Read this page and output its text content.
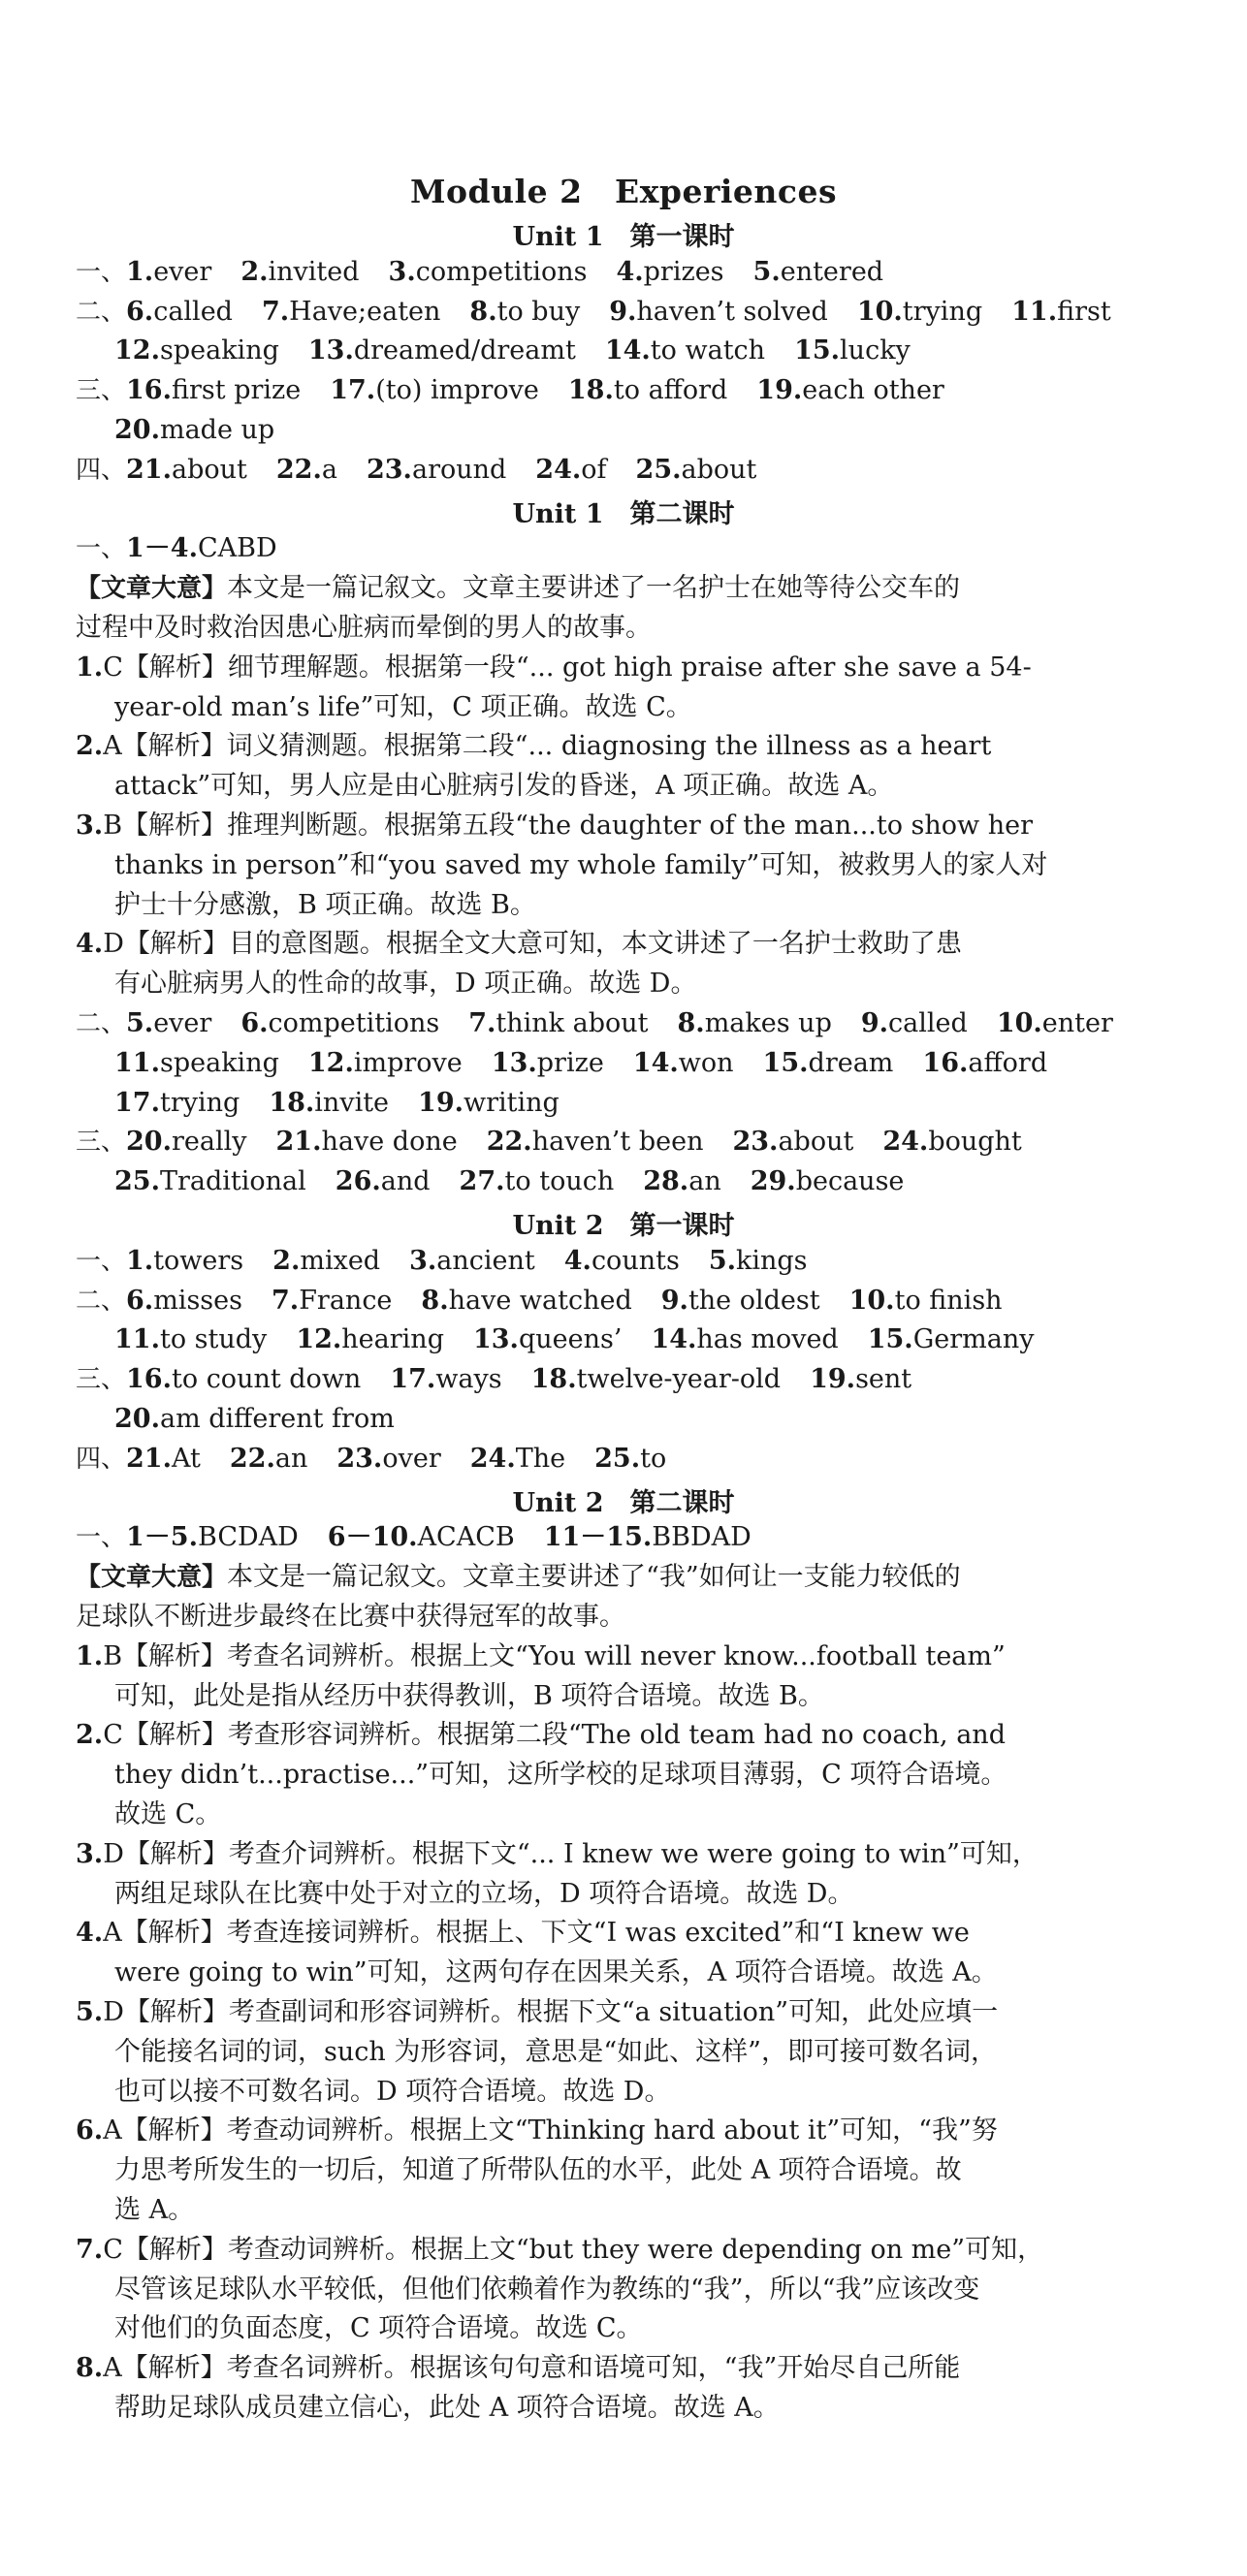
Module 2　Experiences
Unit 1　第一课时
一、1.ever 2.invited 3.competitions 4.prizes 5.entered
二、6.called 7.Have;eaten 8.to buy 9.haven’t solved 10.trying 11.first
12.speaking 13.dreamed/dreamt 14.to watch 15.lucky
三、16.first prize 17.(to) improve 18.to afford 19.each other
20.made up
四、21.about 22.a 23.around 24.of 25.about
Unit 1　第二课时
一、1－4.CABD
【文章大意】本文是一篇记叙文。文章主要讲述了一名护士在她等待公交车的
过程中及时救治因患心脏病而晕倒的男人的故事。
1.C【解析】细节理解题。根据第一段“... got high praise after she save a 54-
year-old man’s life”可知，C 项正确。故选 C。
2.A【解析】词义猜测题。根据第二段“... diagnosing the illness as a heart
attack”可知，男人应是由心脏病引发的昏迷，A 项正确。故选 A。
3.B【解析】推理判断题。根据第五段“the daughter of the man...to show her
thanks in person”和“you saved my whole family”可知，被救男人的家人对
护士十分感激，B 项正确。故选 B。
4.D【解析】目的意图题。根据全文大意可知，本文讲述了一名护士救助了患
有心脏病男人的性命的故事，D 项正确。故选 D。
二、5.ever 6.competitions 7.think about 8.makes up 9.called 10.enter
11.speaking 12.improve 13.prize 14.won 15.dream 16.afford
17.trying 18.invite 19.writing
三、20.really 21.have done 22.haven’t been 23.about 24.bought
25.Traditional 26.and 27.to touch 28.an 29.because
Unit 2　第一课时
一、1.towers 2.mixed 3.ancient 4.counts 5.kings
二、6.misses 7.France 8.have watched 9.the oldest 10.to finish
11.to study 12.hearing 13.queens’ 14.has moved 15.Germany
三、16.to count down 17.ways 18.twelve-year-old 19.sent
20.am different from
四、21.At 22.an 23.over 24.The 25.to
Unit 2　第二课时
一、1－5.BCDAD 6－10.ACACB 11－15.BBDAD
【文章大意】本文是一篇记叙文。文章主要讲述了“我”如何让一支能力较低的
足球队不断进步最终在比赛中获得冠军的故事。
1.B【解析】考查名词辨析。根据上文“You will never know...football team”
可知，此处是指从经历中获得教训，B 项符合语境。故选 B。
2.C【解析】考查形容词辨析。根据第二段“The old team had no coach, and
they didn’t...practise...”可知，这所学校的足球项目薄弱，C 项符合语境。
故选 C。
3.D【解析】考查介词辨析。根据下文“... I knew we were going to win”可知，
两组足球队在比赛中处于对立的立场，D 项符合语境。故选 D。
4.A【解析】考查连接词辨析。根据上、下文“I was excited”和“I knew we
were going to win”可知，这两句存在因果关系，A 项符合语境。故选 A。
5.D【解析】考查副词和形容词辨析。根据下文“a situation”可知，此处应填一
个能接名词的词，such 为形容词，意思是“如此、这样”，即可接可数名词，
也可以接不可数名词。D 项符合语境。故选 D。
6.A【解析】考查动词辨析。根据上文“Thinking hard about it”可知，“我”努
力思考所发生的一切后，知道了所带队伍的水平，此处 A 项符合语境。故
选 A。
7.C【解析】考查动词辨析。根据上文“but they were depending on me”可知，
尽管该足球队水平较低，但他们依赖着作为教练的“我”，所以“我”应该改变
对他们的负面态度，C 项符合语境。故选 C。
8.A【解析】考查名词辨析。根据该句句意和语境可知，“我”开始尽自己所能
帮助足球队成员建立信心，此处 A 项符合语境。故选 A。
